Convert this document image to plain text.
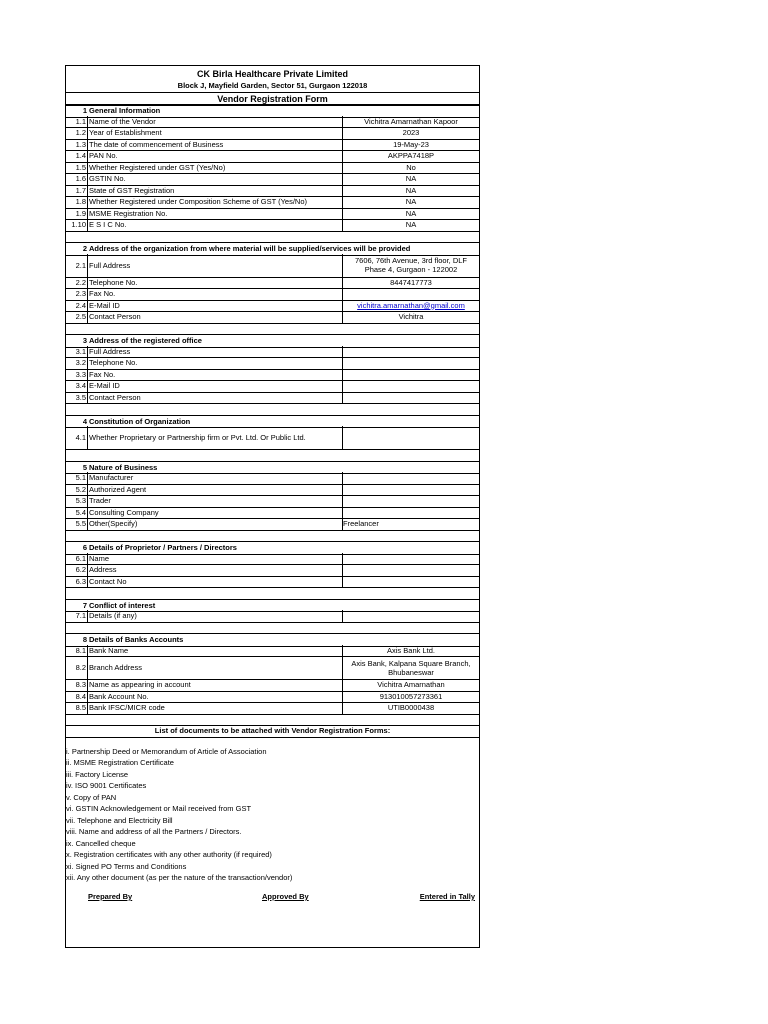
CK Birla Healthcare Private Limited
Block J, Mayfield Garden, Sector 51, Gurgaon 122018
Vendor Registration Form
1 General Information
1.1 Name of the Vendor	Vichitra Amarnathan Kapoor
1.2 Year of Establishment	2023
1.3 The date of commencement of Business	19-May-23
1.4 PAN No.	AKPPA7418P
1.5 Whether Registered under GST (Yes/No)	No
1.6 GSTIN No.	NA
1.7 State of GST Registration	NA
1.8 Whether Registered under Composition Scheme of GST (Yes/No)	NA
1.9 MSME Registration No.	NA
1.10 E S I C No.	NA
2 Address of the organization from where material will be supplied/services will be provided
2.1 Full Address	7606, 76th Avenue, 3rd floor, DLF Phase 4, Gurgaon - 122002
2.2 Telephone No.	8447417773
2.3 Fax No.
2.4 E-Mail ID	vichitra.amarnathan@gmail.com
2.5 Contact Person	Vichitra
3 Address of the registered office
3.1 Full Address
3.2 Telephone No.
3.3 Fax No.
3.4 E-Mail ID
3.5 Contact Person
4 Constitution of Organization
4.1 Whether Proprietary or Partnership firm or Pvt. Ltd. Or Public Ltd.
5 Nature of Business
5.1 Manufacturer
5.2 Authorized Agent
5.3 Trader
5.4 Consulting Company
5.5 Other(Specify)	Freelancer
6 Details of Proprietor / Partners / Directors
6.1 Name
6.2 Address
6.3 Contact No
7 Conflict of interest
7.1 Details (if any)
8 Details of Banks Accounts
8.1 Bank Name	Axis Bank Ltd.
8.2 Branch Address	Axis Bank, Kalpana Square Branch, Bhubaneswar
8.3 Name as appearing in account	Vichitra Amarnathan
8.4 Bank Account No.	913010057273361
8.5 Bank IFSC/MICR code	UTIB0000438
List of documents to be attached with Vendor Registration Forms:
i. Partnership Deed or Memorandum of Article of Association
ii. MSME Registration Certificate
iii. Factory License
iv. ISO 9001 Certificates
v. Copy of PAN
vi. GSTIN Acknowledgement or Mail received from GST
vii. Telephone and Electricity Bill
viii. Name and address of all the Partners / Directors.
ix. Cancelled cheque
x. Registration certificates with any other authority (if required)
xi. Signed PO Terms and Conditions
xii. Any other document (as per the nature of the transaction/vendor)
Prepared By	Approved By	Entered in Tally
